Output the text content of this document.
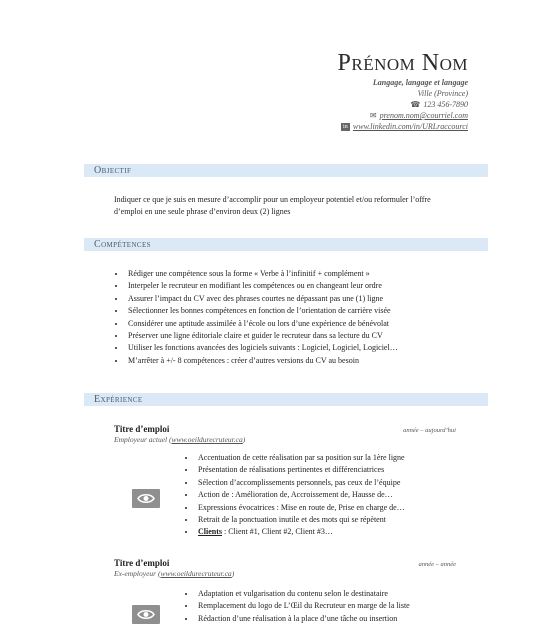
Prénom Nom
Langage, langage et langage
Ville (Province)
☎ 123 456-7890
✉ prenom.nom@courriel.com
in www.linkedin.com/in/URLraccourci
Objectif
Indiquer ce que je suis en mesure d’accomplir pour un employeur potentiel et/ou reformuler l’offre d’emploi en une seule phrase d’environ deux (2) lignes
Compétences
• Rédiger une compétence sous la forme « Verbe à l’infinitif + complément »
• Interpeler le recruteur en modifiant les compétences ou en changeant leur ordre
• Assurer l’impact du CV avec des phrases courtes ne dépassant pas une (1) ligne
• Sélectionner les bonnes compétences en fonction de l’orientation de carrière visée
• Considérer une aptitude assimilée à l’école ou lors d’une expérience de bénévolat
• Préserver une ligne éditoriale claire et guider le recruteur dans sa lecture du CV
• Utiliser les fonctions avancées des logiciels suivants : Logiciel, Logiciel, Logiciel…
• M’arrêter à +/- 8 compétences : créer d’autres versions du CV au besoin
Expérience
Titre d’emploi	année – aujourd’hui
Employeur actuel (www.oeildurecruteur.ca)
• Accentuation de cette réalisation par sa position sur la 1ère ligne
• Présentation de réalisations pertinentes et différenciatrices
• Sélection d’accomplissements personnels, pas ceux de l’équipe
• Action de : Amélioration de, Accroissement de, Hausse de…
• Expressions évocatrices : Mise en route de, Prise en charge de…
• Retrait de la ponctuation inutile et des mots qui se répètent
• Clients : Client #1, Client #2, Client #3…
Titre d’emploi	année – année
Ex-employeur (www.oeildurecruteur.ca)
• Adaptation et vulgarisation du contenu selon le destinataire
• Remplacement du logo de L’Œil du Recruteur en marge de la liste
• Rédaction d’une réalisation à la place d’une tâche ou insertion
